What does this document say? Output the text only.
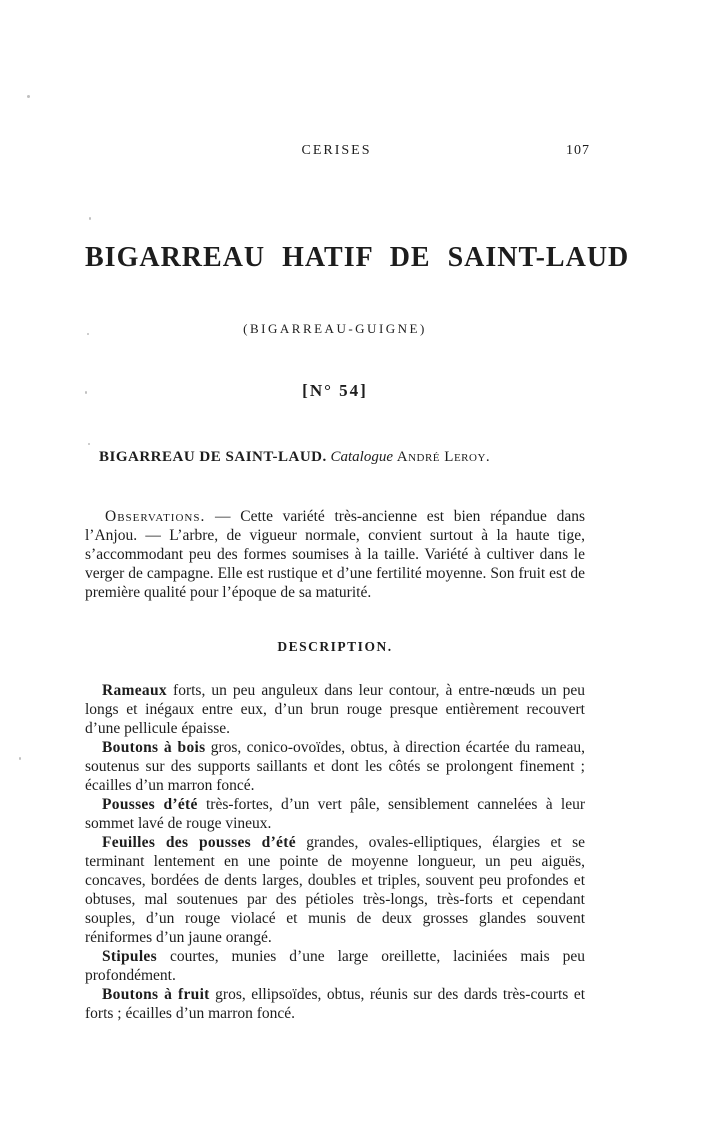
CERISES	107
BIGARREAU HATIF DE SAINT-LAUD
(BIGARREAU-GUIGNE)
[N° 54]

BIGARREAU DE SAINT-LAUD. Catalogue André Leroy.

Observations. — Cette variété très-ancienne est bien répandue dans l’Anjou. — L’arbre, de vigueur normale, convient surtout à la haute tige, s’accommodant peu des formes soumises à la taille. Variété à cultiver dans le verger de campagne. Elle est rustique et d’une fertilité moyenne. Son fruit est de première qualité pour l’époque de sa maturité.

DESCRIPTION.

Rameaux forts, un peu anguleux dans leur contour, à entre-nœuds un peu longs et inégaux entre eux, d’un brun rouge presque entièrement recouvert d’une pellicule épaisse.

Boutons à bois gros, conico-ovoïdes, obtus, à direction écartée du rameau, soutenus sur des supports saillants et dont les côtés se prolongent finement ; écailles d’un marron foncé.

Pousses d’été très-fortes, d’un vert pâle, sensiblement cannelées à leur sommet lavé de rouge vineux.

Feuilles des pousses d’été grandes, ovales-elliptiques, élargies et se terminant lentement en une pointe de moyenne longueur, un peu aiguës, concaves, bordées de dents larges, doubles et triples, souvent peu profondes et obtuses, mal soutenues par des pétioles très-longs, très-forts et cependant souples, d’un rouge violacé et munis de deux grosses glandes souvent réniformes d’un jaune orangé.

Stipules courtes, munies d’une large oreillette, laciniées mais peu profondément.

Boutons à fruit gros, ellipsoïdes, obtus, réunis sur des dards très-courts et forts ; écailles d’un marron foncé.
